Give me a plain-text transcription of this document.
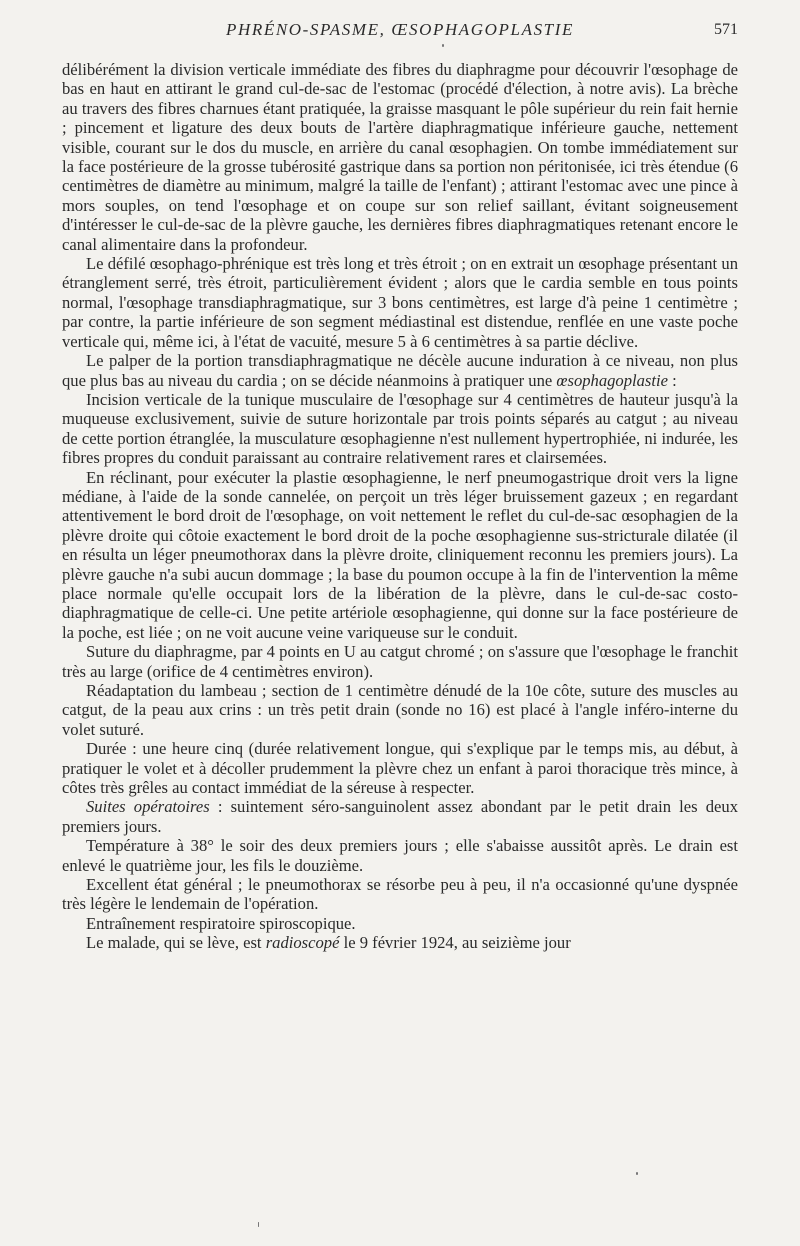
PHRÉNO-SPASME, ŒSOPHAGOPLASTIE	571

délibérément la division verticale immédiate des fibres du diaphragme pour découvrir l'œsophage de bas en haut en attirant le grand cul-de-sac de l'estomac (procédé d'élection, à notre avis). La brèche au travers des fibres charnues étant pratiquée, la graisse masquant le pôle supérieur du rein fait hernie ; pincement et ligature des deux bouts de l'artère diaphragmatique inférieure gauche, nettement visible, courant sur le dos du muscle, en arrière du canal œsophagien. On tombe immédiatement sur la face postérieure de la grosse tubérosité gastrique dans sa portion non péritonisée, ici très étendue (6 centimètres de diamètre au minimum, malgré la taille de l'enfant) ; attirant l'estomac avec une pince à mors souples, on tend l'œsophage et on coupe sur son relief saillant, évitant soigneusement d'intéresser le cul-de-sac de la plèvre gauche, les dernières fibres diaphragmatiques retenant encore le canal alimentaire dans la profondeur.

Le défilé œsophago-phrénique est très long et très étroit ; on en extrait un œsophage présentant un étranglement serré, très étroit, particulièrement évident ; alors que le cardia semble en tous points normal, l'œsophage transdiaphragmatique, sur 3 bons centimètres, est large d'à peine 1 centimètre ; par contre, la partie inférieure de son segment médiastinal est distendue, renflée en une vaste poche verticale qui, même ici, à l'état de vacuité, mesure 5 à 6 centimètres à sa partie déclive.

Le palper de la portion transdiaphragmatique ne décèle aucune induration à ce niveau, non plus que plus bas au niveau du cardia ; on se décide néanmoins à pratiquer une œsophagoplastie :

Incision verticale de la tunique musculaire de l'œsophage sur 4 centimètres de hauteur jusqu'à la muqueuse exclusivement, suivie de suture horizontale par trois points séparés au catgut ; au niveau de cette portion étranglée, la musculature œsophagienne n'est nullement hypertrophiée, ni indurée, les fibres propres du conduit paraissant au contraire relativement rares et clairsemées.

En réclinant, pour exécuter la plastie œsophagienne, le nerf pneumogastrique droit vers la ligne médiane, à l'aide de la sonde cannelée, on perçoit un très léger bruissement gazeux ; en regardant attentivement le bord droit de l'œsophage, on voit nettement le reflet du cul-de-sac œsophagien de la plèvre droite qui côtoie exactement le bord droit de la poche œsophagienne sus-stricturale dilatée (il en résulta un léger pneumothorax dans la plèvre droite, cliniquement reconnu les premiers jours). La plèvre gauche n'a subi aucun dommage ; la base du poumon occupe à la fin de l'intervention la même place normale qu'elle occupait lors de la libération de la plèvre, dans le cul-de-sac costo-diaphragmatique de celle-ci. Une petite artériole œsophagienne, qui donne sur la face postérieure de la poche, est liée ; on ne voit aucune veine variqueuse sur le conduit.

Suture du diaphragme, par 4 points en U au catgut chromé ; on s'assure que l'œsophage le franchit très au large (orifice de 4 centimètres environ).

Réadaptation du lambeau ; section de 1 centimètre dénudé de la 10e côte, suture des muscles au catgut, de la peau aux crins : un très petit drain (sonde no 16) est placé à l'angle inféro-interne du volet suturé.

Durée : une heure cinq (durée relativement longue, qui s'explique par le temps mis, au début, à pratiquer le volet et à décoller prudemment la plèvre chez un enfant à paroi thoracique très mince, à côtes très grêles au contact immédiat de la séreuse à respecter.

Suites opératoires : suintement séro-sanguinolent assez abondant par le petit drain les deux premiers jours.

Température à 38° le soir des deux premiers jours ; elle s'abaisse aussitôt après. Le drain est enlevé le quatrième jour, les fils le douzième.

Excellent état général ; le pneumothorax se résorbe peu à peu, il n'a occasionné qu'une dyspnée très légère le lendemain de l'opération.

Entraînement respiratoire spiroscopique.

Le malade, qui se lève, est radioscopé le 9 février 1924, au seizième jour
